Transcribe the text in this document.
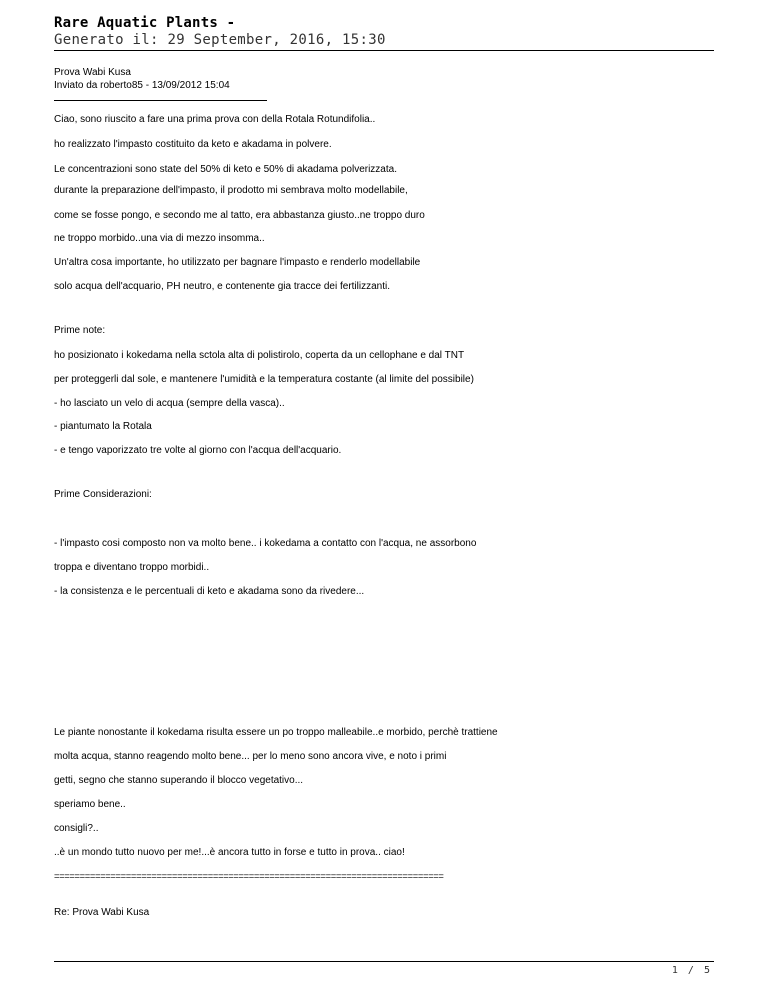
Rare Aquatic Plants -
Generato il: 29 September, 2016, 15:30
Prova Wabi Kusa
Inviato da roberto85 - 13/09/2012 15:04
Ciao, sono riuscito a fare una prima prova con della Rotala Rotundifolia..
ho realizzato l'impasto costituito da keto e akadama in polvere.
Le concentrazioni sono state del 50% di keto e 50% di akadama polverizzata.
durante la preparazione dell'impasto, il prodotto mi sembrava molto modellabile,
come se fosse pongo, e secondo me al tatto, era abbastanza giusto..ne troppo duro
ne troppo morbido..una via di mezzo insomma..
Un'altra cosa importante, ho utilizzato per bagnare l'impasto e renderlo modellabile
solo acqua dell'acquario, PH neutro, e contenente gia tracce dei fertilizzanti.
Prime note:
ho posizionato i kokedama nella sctola alta di polistirolo, coperta da un cellophane e dal TNT
per proteggerli dal sole, e mantenere l'umidità e la temperatura costante (al limite del possibile)
- ho lasciato un velo di acqua (sempre della vasca)..
- piantumato la Rotala
- e tengo vaporizzato tre volte al giorno con l'acqua dell'acquario.
Prime Considerazioni:
- l'impasto cosi composto non va molto bene.. i kokedama a contatto con l'acqua, ne assorbono
troppa e diventano troppo morbidi..
- la consistenza e le percentuali di keto e akadama sono da rivedere...
Le piante nonostante il kokedama risulta essere un po troppo malleabile..e morbido, perchè trattiene
molta acqua, stanno reagendo molto bene... per lo meno sono ancora vive, e noto i primi
getti, segno che stanno superando il blocco vegetativo...
speriamo bene..
consigli?..
..è un mondo tutto nuovo per me!...è ancora tutto in forse e tutto in prova.. ciao!
============================================================================
Re: Prova Wabi Kusa
1 / 5
